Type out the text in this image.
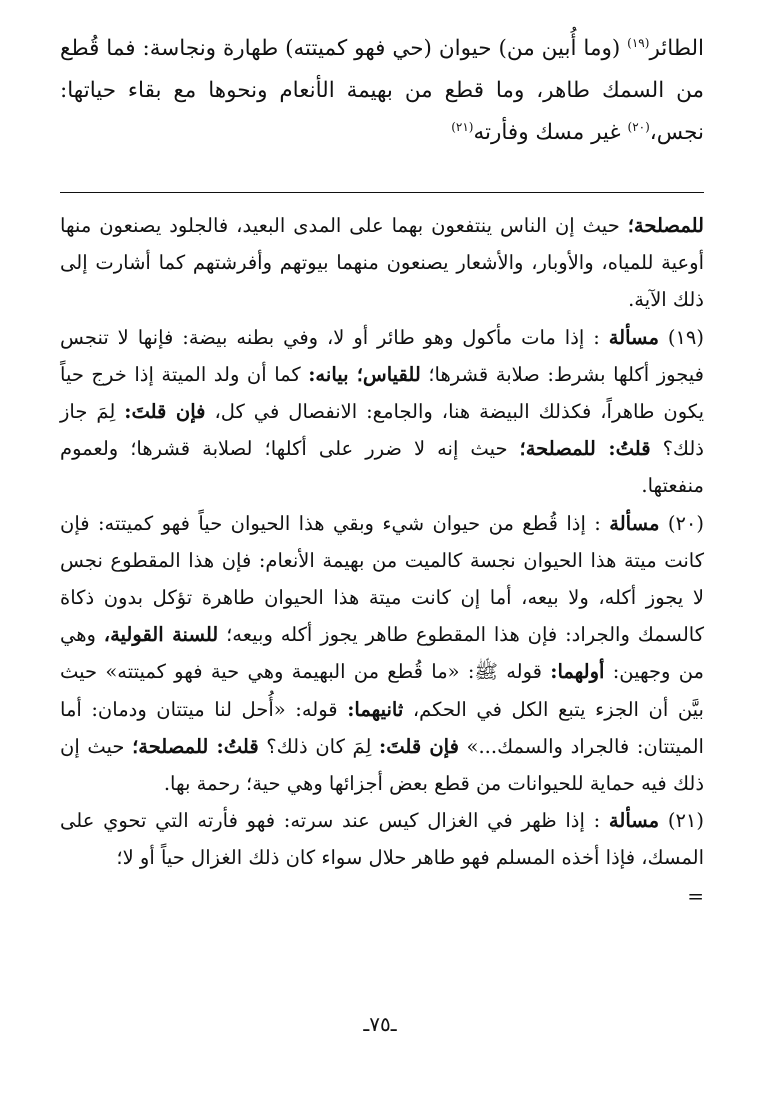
الطائر$^{(١٩)}$ (وما أُبين من) حيوان (حي فهو كميتته) طهارة ونجاسة: فما قُطع من السمك طاهر، وما قطع من بهيمة الأنعام ونحوها مع بقاء حياتها: نجس،$^{(٢٠)}$ غير مسك وفأرته$^{(٢١)}$

للمصلحة؛ حيث إن الناس ينتفعون بهما على المدى البعيد، فالجلود يصنعون منها أوعية للمياه، والأوبار، والأشعار يصنعون منهما بيوتهم وأفرشتهم كما أشارت إلى ذلك الآية.

(١٩) مسألة : إذا مات مأكول وهو طائر أو لا، وفي بطنه بيضة: فإنها لا تنجس فيجوز أكلها بشرط: صلابة قشرها؛ للقياس؛ بيانه: كما أن ولد الميتة إذا خرج حياً يكون طاهراً، فكذلك البيضة هنا، والجامع: الانفصال في كل، فإن قلتَ: لِمَ جاز ذلك؟ قلتُ: للمصلحة؛ حيث إنه لا ضرر على أكلها؛ لصلابة قشرها؛ ولعموم منفعتها.

(٢٠) مسألة : إذا قُطع من حيوان شيء وبقي هذا الحيوان حياً فهو كميتته: فإن كانت ميتة هذا الحيوان نجسة كالميت من بهيمة الأنعام: فإن هذا المقطوع نجس لا يجوز أكله، ولا بيعه، أما إن كانت ميتة هذا الحيوان طاهرة تؤكل بدون ذكاة كالسمك والجراد: فإن هذا المقطوع طاهر يجوز أكله وبيعه؛ للسنة القولية، وهي من وجهين: أولهما: قوله ﷺ: «ما قُطع من البهيمة وهي حية فهو كميتته» حيث بيَّن أن الجزء يتبع الكل في الحكم، ثانيهما: قوله: «أُحل لنا ميتتان ودمان: أما الميتتان: فالجراد والسمك...» فإن قلتَ: لِمَ كان ذلك؟ قلتُ: للمصلحة؛ حيث إن ذلك فيه حماية للحيوانات من قطع بعض أجزائها وهي حية؛ رحمة بها.

(٢١) مسألة : إذا ظهر في الغزال كيس عند سرته: فهو فأرته التي تحوي على المسك، فإذا أخذه المسلم فهو طاهر حلال سواء كان ذلك الغزال حياً أو لا؛

=
ـ٧٥ـ
